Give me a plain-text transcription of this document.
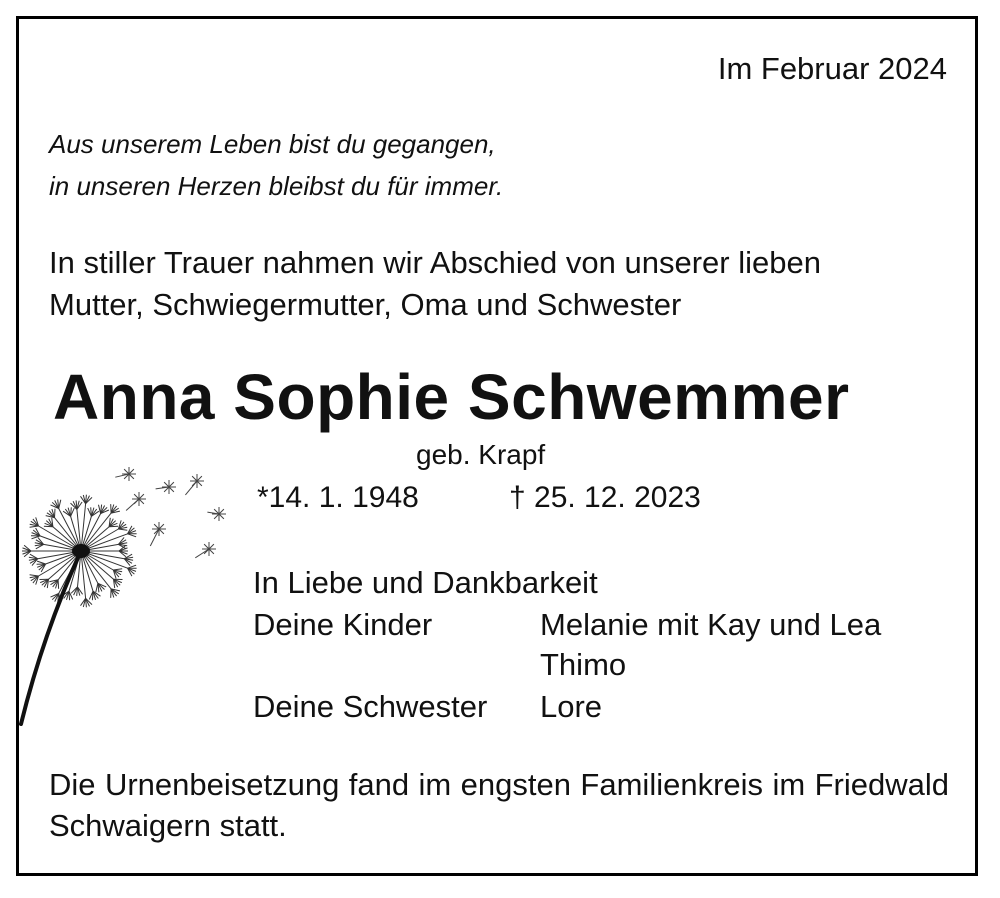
Im Februar 2024
Aus unserem Leben bist du gegangen,
in unseren Herzen bleibst du für immer.
In stiller Trauer nahmen wir Abschied von unserer lieben
Mutter, Schwiegermutter, Oma und Schwester
Anna Sophie Schwemmer
geb. Krapf
*14. 1. 1948	† 25. 12. 2023
In Liebe und Dankbarkeit
Deine Kinder	Melanie mit Kay und Lea
Thimo
Deine Schwester Lore
Die Urnenbeisetzung fand im engsten Familienkreis im Friedwald Schwaigern statt.
